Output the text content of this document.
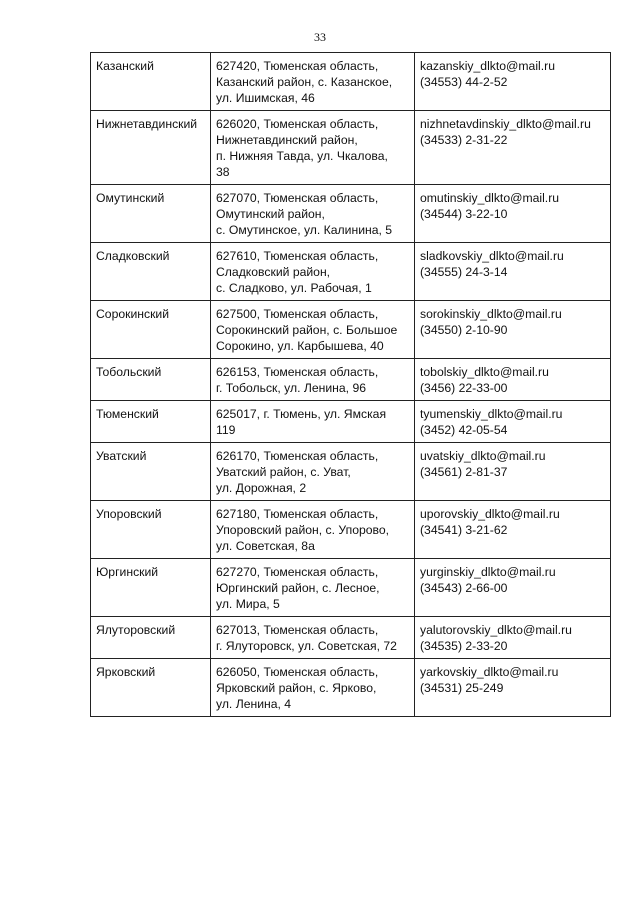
33
Казанский	627420, Тюменская область,
Казанский район, с. Казанское,
ул. Ишимская, 46	kazanskiy_dlkto@mail.ru
(34553) 44-2-52
Нижнетавдинский	626020, Тюменская область,
Нижнетавдинский район,
п. Нижняя Тавда, ул. Чкалова,
38	nizhnetavdinskiy_dlkto@mail.ru
(34533) 2-31-22
Омутинский	627070, Тюменская область,
Омутинский район,
с. Омутинское, ул. Калинина, 5	omutinskiy_dlkto@mail.ru
(34544) 3-22-10
Сладковский	627610, Тюменская область,
Сладковский район,
с. Сладково, ул. Рабочая, 1	sladkovskiy_dlkto@mail.ru
(34555) 24-3-14
Сорокинский	627500, Тюменская область,
Сорокинский район, с. Большое
Сорокино, ул. Карбышева, 40	sorokinskiy_dlkto@mail.ru
(34550) 2-10-90
Тобольский	626153, Тюменская область,
г. Тобольск, ул. Ленина, 96	tobolskiy_dlkto@mail.ru
(3456) 22-33-00
Тюменский	625017, г. Тюмень, ул. Ямская
119	tyumenskiy_dlkto@mail.ru
(3452) 42-05-54
Уватский	626170, Тюменская область,
Уватский район, с. Уват,
ул. Дорожная, 2	uvatskiy_dlkto@mail.ru
(34561) 2-81-37
Упоровский	627180, Тюменская область,
Упоровский район, с. Упорово,
ул. Советская, 8а	uporovskiy_dlkto@mail.ru
(34541) 3-21-62
Юргинский	627270, Тюменская область,
Юргинский район, с. Лесное,
ул. Мира, 5	yurginskiy_dlkto@mail.ru
(34543) 2-66-00
Ялуторовский	627013, Тюменская область,
г. Ялуторовск, ул. Советская, 72	yalutorovskiy_dlkto@mail.ru
(34535) 2-33-20
Ярковский	626050, Тюменская область,
Ярковский район, с. Ярково,
ул. Ленина, 4	yarkovskiy_dlkto@mail.ru
(34531) 25-249
